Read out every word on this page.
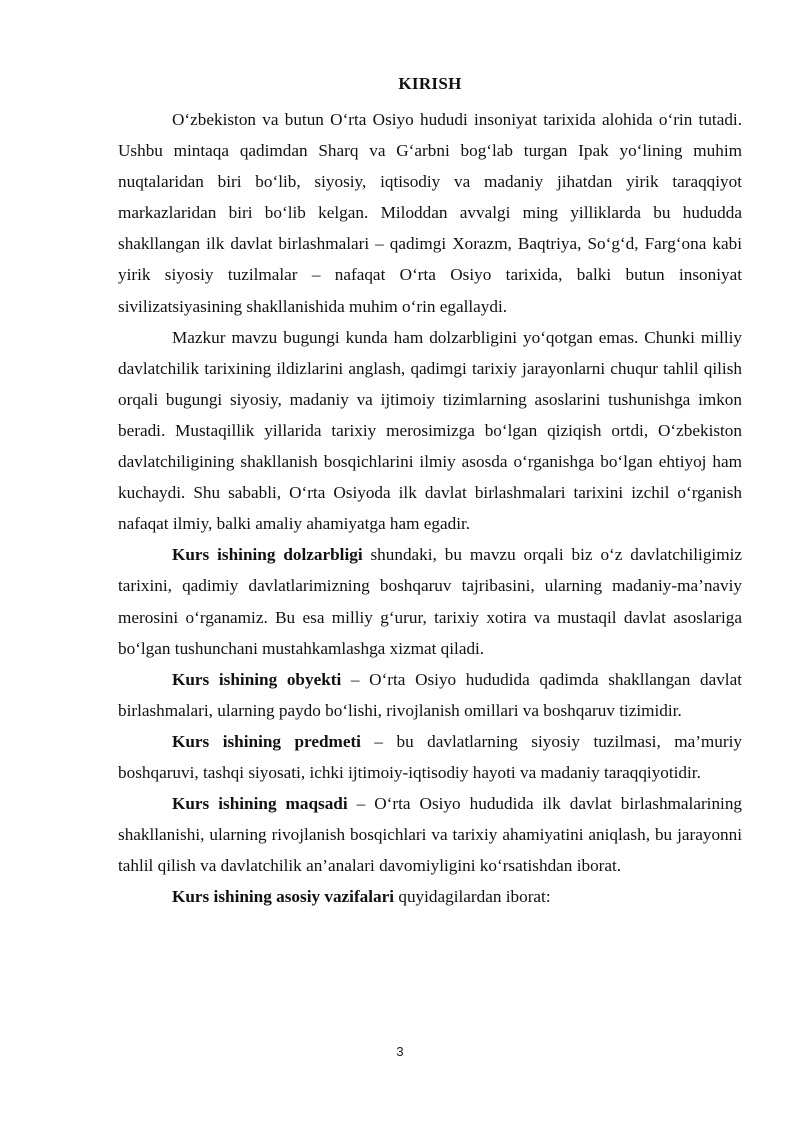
KIRISH

O‘zbekiston va butun O‘rta Osiyo hududi insoniyat tarixida alohida o‘rin tutadi. Ushbu mintaqa qadimdan Sharq va G‘arbni bog‘lab turgan Ipak yo‘lining muhim nuqtalaridan biri bo‘lib, siyosiy, iqtisodiy va madaniy jihatdan yirik taraqqiyot markazlaridan biri bo‘lib kelgan. Miloddan avvalgi ming yilliklarda bu hududda shakllangan ilk davlat birlashmalari – qadimgi Xorazm, Baqtriya, So‘g‘d, Farg‘ona kabi yirik siyosiy tuzilmalar – nafaqat O‘rta Osiyo tarixida, balki butun insoniyat sivilizatsiyasining shakllanishida muhim o‘rin egallaydi.

Mazkur mavzu bugungi kunda ham dolzarbligini yo‘qotgan emas. Chunki milliy davlatchilik tarixining ildizlarini anglash, qadimgi tarixiy jarayonlarni chuqur tahlil qilish orqali bugungi siyosiy, madaniy va ijtimoiy tizimlarning asoslarini tushunishga imkon beradi. Mustaqillik yillarida tarixiy merosimizga bo‘lgan qiziqish ortdi, O‘zbekiston davlatchiligining shakllanish bosqichlarini ilmiy asosda o‘rganishga bo‘lgan ehtiyoj ham kuchaydi. Shu sababli, O‘rta Osiyoda ilk davlat birlashmalari tarixini izchil o‘rganish nafaqat ilmiy, balki amaliy ahamiyatga ham egadir.

Kurs ishining dolzarbligi shundaki, bu mavzu orqali biz o‘z davlatchiligimiz tarixini, qadimiy davlatlarimizning boshqaruv tajribasini, ularning madaniy-ma’naviy merosini o‘rganamiz. Bu esa milliy g‘urur, tarixiy xotira va mustaqil davlat asoslariga bo‘lgan tushunchani mustahkamlashga xizmat qiladi.

Kurs ishining obyekti – O‘rta Osiyo hududida qadimda shakllangan davlat birlashmalari, ularning paydo bo‘lishi, rivojlanish omillari va boshqaruv tizimidir.

Kurs ishining predmeti – bu davlatlarning siyosiy tuzilmasi, ma’muriy boshqaruvi, tashqi siyosati, ichki ijtimoiy-iqtisodiy hayoti va madaniy taraqqiyotidir.

Kurs ishining maqsadi – O‘rta Osiyo hududida ilk davlat birlashmalarining shakllanishi, ularning rivojlanish bosqichlari va tarixiy ahamiyatini aniqlash, bu jarayonni tahlil qilish va davlatchilik an’analari davomiyligini ko‘rsatishdan iborat.

Kurs ishining asosiy vazifalari quyidagilardan iborat:

3
